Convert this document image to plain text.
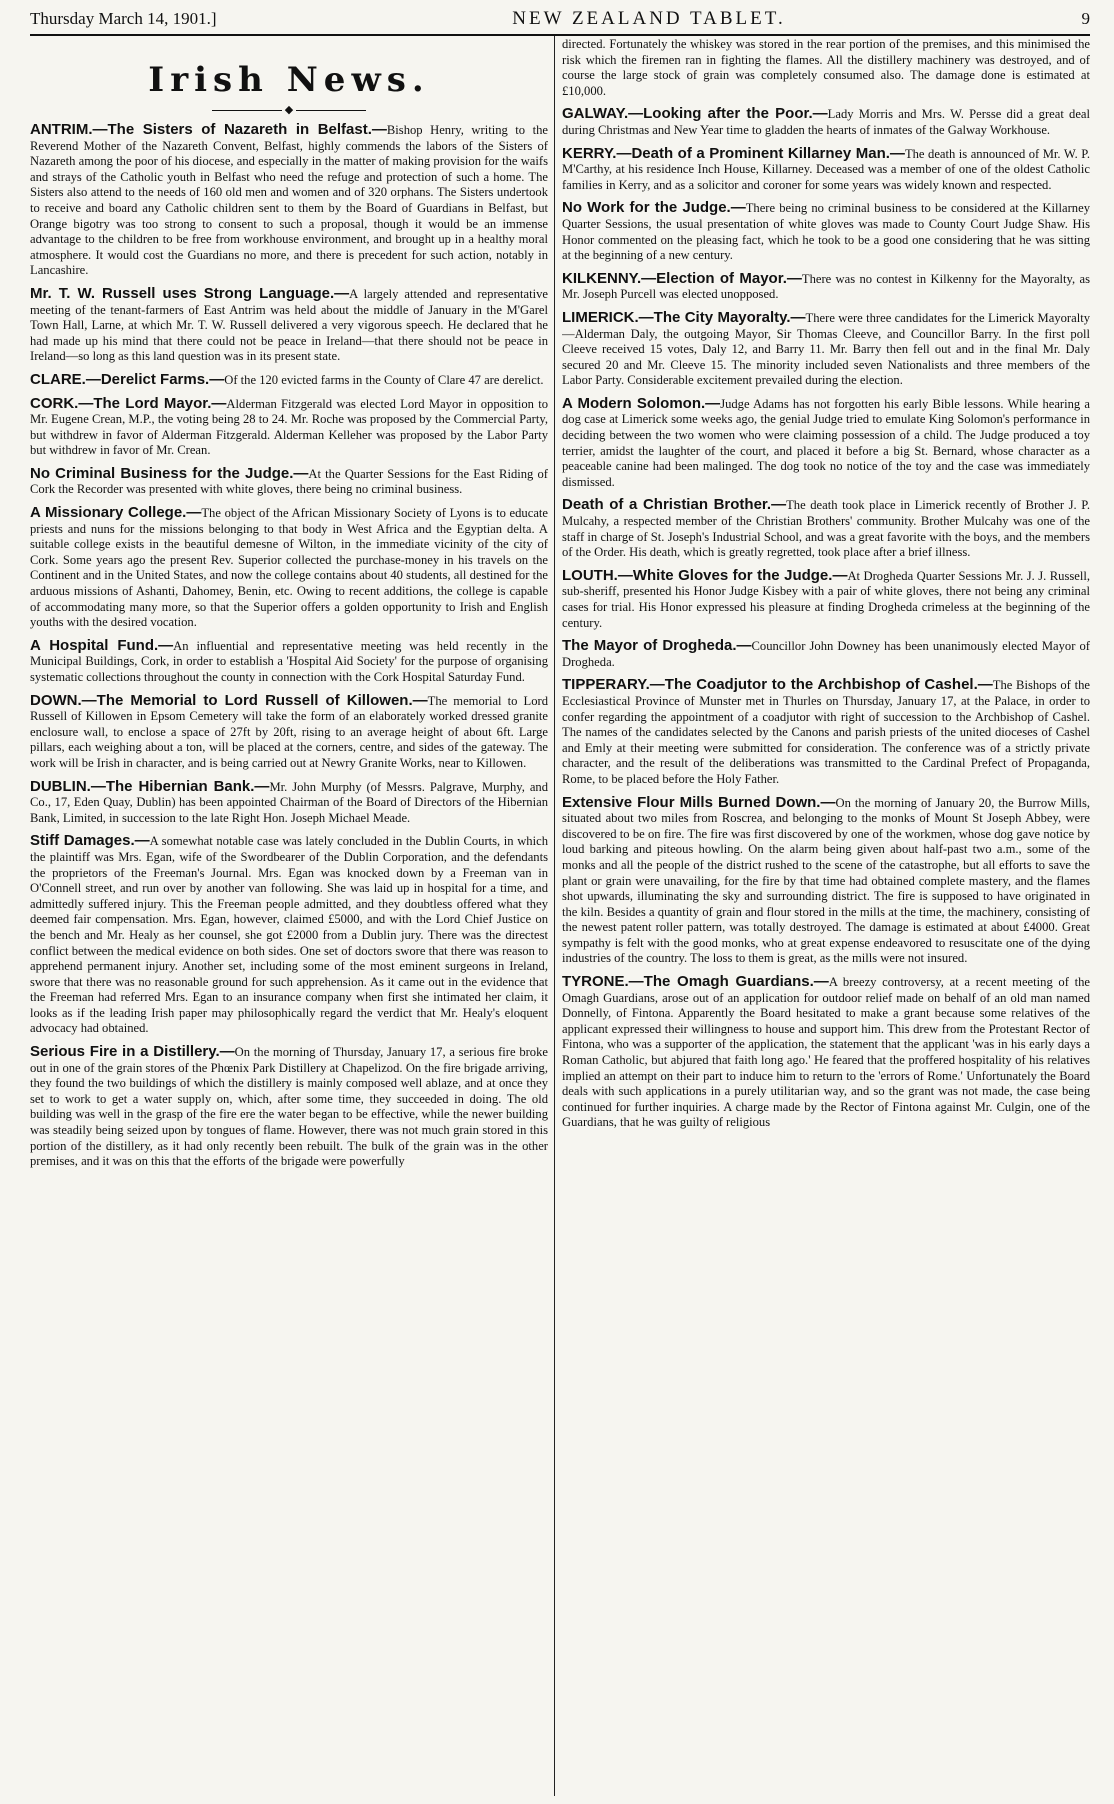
Thursday March 14, 1901.]	NEW ZEALAND TABLET.	9
Irish News.
◆

ANTRIM.—The Sisters of Nazareth in Belfast.—Bishop Henry, writing to the Reverend Mother of the Nazareth Convent, Belfast, highly commends the labors of the Sisters of Nazareth among the poor of his diocese, and especially in the matter of making provision for the waifs and strays of the Catholic youth in Belfast who need the refuge and protection of such a home. The Sisters also attend to the needs of 160 old men and women and of 320 orphans. The Sisters undertook to receive and board any Catholic children sent to them by the Board of Guardians in Belfast, but Orange bigotry was too strong to consent to such a proposal, though it would be an immense advantage to the children to be free from workhouse environment, and brought up in a healthy moral atmosphere. It would cost the Guardians no more, and there is precedent for such action, notably in Lancashire.

Mr. T. W. Russell uses Strong Language.—A largely attended and representative meeting of the tenant-farmers of East Antrim was held about the middle of January in the M'Garel Town Hall, Larne, at which Mr. T. W. Russell delivered a very vigorous speech. He declared that he had made up his mind that there could not be peace in Ireland—that there should not be peace in Ireland—so long as this land question was in its present state.

CLARE.—Derelict Farms.—Of the 120 evicted farms in the County of Clare 47 are derelict.

CORK.—The Lord Mayor.—Alderman Fitzgerald was elected Lord Mayor in opposition to Mr. Eugene Crean, M.P., the voting being 28 to 24. Mr. Roche was proposed by the Commercial Party, but withdrew in favor of Alderman Fitzgerald. Alderman Kelleher was proposed by the Labor Party but withdrew in favor of Mr. Crean.

No Criminal Business for the Judge.—At the Quarter Sessions for the East Riding of Cork the Recorder was presented with white gloves, there being no criminal business.

A Missionary College.—The object of the African Missionary Society of Lyons is to educate priests and nuns for the missions belonging to that body in West Africa and the Egyptian delta. A suitable college exists in the beautiful demesne of Wilton, in the immediate vicinity of the city of Cork. Some years ago the present Rev. Superior collected the purchase-money in his travels on the Continent and in the United States, and now the college contains about 40 students, all destined for the arduous missions of Ashanti, Dahomey, Benin, etc. Owing to recent additions, the college is capable of accommodating many more, so that the Superior offers a golden opportunity to Irish and English youths with the desired vocation.

A Hospital Fund.—An influential and representative meeting was held recently in the Municipal Buildings, Cork, in order to establish a 'Hospital Aid Society' for the purpose of organising systematic collections throughout the county in connection with the Cork Hospital Saturday Fund.

DOWN.—The Memorial to Lord Russell of Killowen.—The memorial to Lord Russell of Killowen in Epsom Cemetery will take the form of an elaborately worked dressed granite enclosure wall, to enclose a space of 27ft by 20ft, rising to an average height of about 6ft. Large pillars, each weighing about a ton, will be placed at the corners, centre, and sides of the gateway. The work will be Irish in character, and is being carried out at Newry Granite Works, near to Killowen.

DUBLIN.—The Hibernian Bank.—Mr. John Murphy (of Messrs. Palgrave, Murphy, and Co., 17, Eden Quay, Dublin) has been appointed Chairman of the Board of Directors of the Hibernian Bank, Limited, in succession to the late Right Hon. Joseph Michael Meade.

Stiff Damages.—A somewhat notable case was lately concluded in the Dublin Courts, in which the plaintiff was Mrs. Egan, wife of the Swordbearer of the Dublin Corporation, and the defendants the proprietors of the Freeman's Journal. Mrs. Egan was knocked down by a Freeman van in O'Connell street, and run over by another van following. She was laid up in hospital for a time, and admittedly suffered injury. This the Freeman people admitted, and they doubtless offered what they deemed fair compensation. Mrs. Egan, however, claimed £5000, and with the Lord Chief Justice on the bench and Mr. Healy as her counsel, she got £2000 from a Dublin jury. There was the directest conflict between the medical evidence on both sides. One set of doctors swore that there was reason to apprehend permanent injury. Another set, including some of the most eminent surgeons in Ireland, swore that there was no reasonable ground for such apprehension. As it came out in the evidence that the Freeman had referred Mrs. Egan to an insurance company when first she intimated her claim, it looks as if the leading Irish paper may philosophically regard the verdict that Mr. Healy's eloquent advocacy had obtained.

Serious Fire in a Distillery.—On the morning of Thursday, January 17, a serious fire broke out in one of the grain stores of the Phœnix Park Distillery at Chapelizod. On the fire brigade arriving, they found the two buildings of which the distillery is mainly composed well ablaze, and at once they set to work to get a water supply on, which, after some time, they succeeded in doing. The old building was well in the grasp of the fire ere the water began to be effective, while the newer building was steadily being seized upon by tongues of flame. However, there was not much grain stored in this portion of the distillery, as it had only recently been rebuilt. The bulk of the grain was in the other premises, and it was on this that the efforts of the brigade were powerfully

directed. Fortunately the whiskey was stored in the rear portion of the premises, and this minimised the risk which the firemen ran in fighting the flames. All the distillery machinery was destroyed, and of course the large stock of grain was completely consumed also. The damage done is estimated at £10,000.

GALWAY.—Looking after the Poor.—Lady Morris and Mrs. W. Persse did a great deal during Christmas and New Year time to gladden the hearts of inmates of the Galway Workhouse.

KERRY.—Death of a Prominent Killarney Man.—The death is announced of Mr. W. P. M'Carthy, at his residence Inch House, Killarney. Deceased was a member of one of the oldest Catholic families in Kerry, and as a solicitor and coroner for some years was widely known and respected.

No Work for the Judge.—There being no criminal business to be considered at the Killarney Quarter Sessions, the usual presentation of white gloves was made to County Court Judge Shaw. His Honor commented on the pleasing fact, which he took to be a good one considering that he was sitting at the beginning of a new century.

KILKENNY.—Election of Mayor.—There was no contest in Kilkenny for the Mayoralty, as Mr. Joseph Purcell was elected unopposed.

LIMERICK.—The City Mayoralty.—There were three candidates for the Limerick Mayoralty—Alderman Daly, the outgoing Mayor, Sir Thomas Cleeve, and Councillor Barry. In the first poll Cleeve received 15 votes, Daly 12, and Barry 11. Mr. Barry then fell out and in the final Mr. Daly secured 20 and Mr. Cleeve 15. The minority included seven Nationalists and three members of the Labor Party. Considerable excitement prevailed during the election.

A Modern Solomon.—Judge Adams has not forgotten his early Bible lessons. While hearing a dog case at Limerick some weeks ago, the genial Judge tried to emulate King Solomon's performance in deciding between the two women who were claiming possession of a child. The Judge produced a toy terrier, amidst the laughter of the court, and placed it before a big St. Bernard, whose character as a peaceable canine had been malinged. The dog took no notice of the toy and the case was immediately dismissed.

Death of a Christian Brother.—The death took place in Limerick recently of Brother J. P. Mulcahy, a respected member of the Christian Brothers' community. Brother Mulcahy was one of the staff in charge of St. Joseph's Industrial School, and was a great favorite with the boys, and the members of the Order. His death, which is greatly regretted, took place after a brief illness.

LOUTH.—White Gloves for the Judge.—At Drogheda Quarter Sessions Mr. J. J. Russell, sub-sheriff, presented his Honor Judge Kisbey with a pair of white gloves, there not being any criminal cases for trial. His Honor expressed his pleasure at finding Drogheda crimeless at the beginning of the century.

The Mayor of Drogheda.—Councillor John Downey has been unanimously elected Mayor of Drogheda.

TIPPERARY.—The Coadjutor to the Archbishop of Cashel.—The Bishops of the Ecclesiastical Province of Munster met in Thurles on Thursday, January 17, at the Palace, in order to confer regarding the appointment of a coadjutor with right of succession to the Archbishop of Cashel. The names of the candidates selected by the Canons and parish priests of the united dioceses of Cashel and Emly at their meeting were submitted for consideration. The conference was of a strictly private character, and the result of the deliberations was transmitted to the Cardinal Prefect of Propaganda, Rome, to be placed before the Holy Father.

Extensive Flour Mills Burned Down.—On the morning of January 20, the Burrow Mills, situated about two miles from Roscrea, and belonging to the monks of Mount St Joseph Abbey, were discovered to be on fire. The fire was first discovered by one of the workmen, whose dog gave notice by loud barking and piteous howling. On the alarm being given about half-past two a.m., some of the monks and all the people of the district rushed to the scene of the catastrophe, but all efforts to save the plant or grain were unavailing, for the fire by that time had obtained complete mastery, and the flames shot upwards, illuminating the sky and surrounding district. The fire is supposed to have originated in the kiln. Besides a quantity of grain and flour stored in the mills at the time, the machinery, consisting of the newest patent roller pattern, was totally destroyed. The damage is estimated at about £4000. Great sympathy is felt with the good monks, who at great expense endeavored to resuscitate one of the dying industries of the country. The loss to them is great, as the mills were not insured.

TYRONE.—The Omagh Guardians.—A breezy controversy, at a recent meeting of the Omagh Guardians, arose out of an application for outdoor relief made on behalf of an old man named Donnelly, of Fintona. Apparently the Board hesitated to make a grant because some relatives of the applicant expressed their willingness to house and support him. This drew from the Protestant Rector of Fintona, who was a supporter of the application, the statement that the applicant 'was in his early days a Roman Catholic, but abjured that faith long ago.' He feared that the proffered hospitality of his relatives implied an attempt on their part to induce him to return to the 'errors of Rome.' Unfortunately the Board deals with such applications in a purely utilitarian way, and so the grant was not made, the case being continued for further inquiries. A charge made by the Rector of Fintona against Mr. Culgin, one of the Guardians, that he was guilty of religious
